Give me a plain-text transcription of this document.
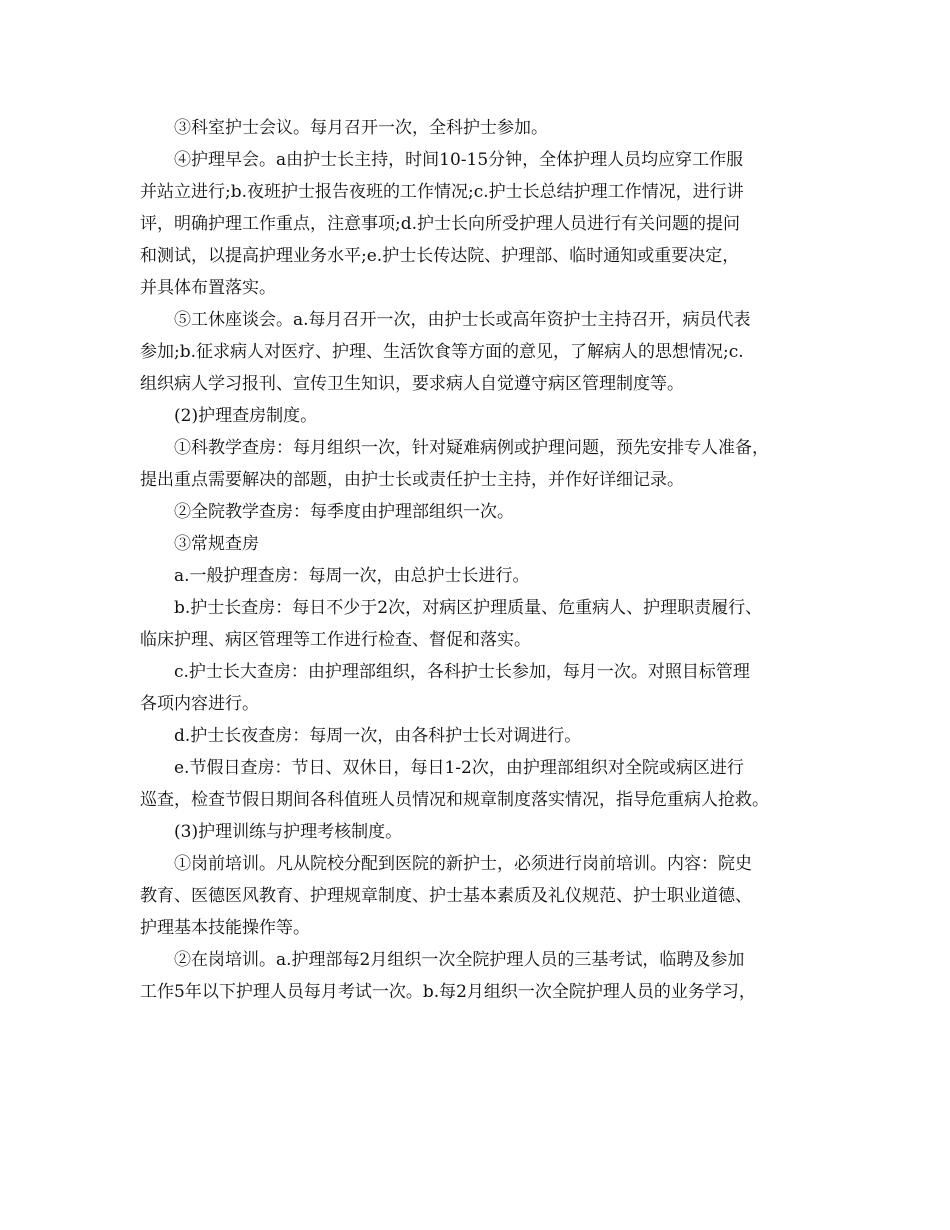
③科室护士会议。每月召开一次，全科护士参加。
④护理早会。a由护士长主持，时间10-15分钟，全体护理人员均应穿工作服
并站立进行;b.夜班护士报告夜班的工作情况;c.护士长总结护理工作情况，进行讲
评，明确护理工作重点，注意事项;d.护士长向所受护理人员进行有关问题的提问
和测试，以提高护理业务水平;e.护士长传达院、护理部、临时通知或重要决定，
并具体布置落实。
⑤工休座谈会。a.每月召开一次，由护士长或高年资护士主持召开，病员代表
参加;b.征求病人对医疗、护理、生活饮食等方面的意见，了解病人的思想情况;c.
组织病人学习报刊、宣传卫生知识，要求病人自觉遵守病区管理制度等。
(2)护理查房制度。
①科教学查房：每月组织一次，针对疑难病例或护理问题，预先安排专人准备，
提出重点需要解决的部题，由护士长或责任护士主持，并作好详细记录。
②全院教学查房：每季度由护理部组织一次。
③常规查房
a.一般护理查房：每周一次，由总护士长进行。
b.护士长查房：每日不少于2次，对病区护理质量、危重病人、护理职责履行、
临床护理、病区管理等工作进行检查、督促和落实。
c.护士长大查房：由护理部组织，各科护士长参加，每月一次。对照目标管理
各项内容进行。
d.护士长夜查房：每周一次，由各科护士长对调进行。
e.节假日查房：节日、双休日，每日1-2次，由护理部组织对全院或病区进行
巡查，检查节假日期间各科值班人员情况和规章制度落实情况，指导危重病人抢救。
(3)护理训练与护理考核制度。
①岗前培训。凡从院校分配到医院的新护士，必须进行岗前培训。内容：院史
教育、医德医风教育、护理规章制度、护士基本素质及礼仪规范、护士职业道德、
护理基本技能操作等。
②在岗培训。a.护理部每2月组织一次全院护理人员的三基考试，临聘及参加
工作5年以下护理人员每月考试一次。b.每2月组织一次全院护理人员的业务学习，
